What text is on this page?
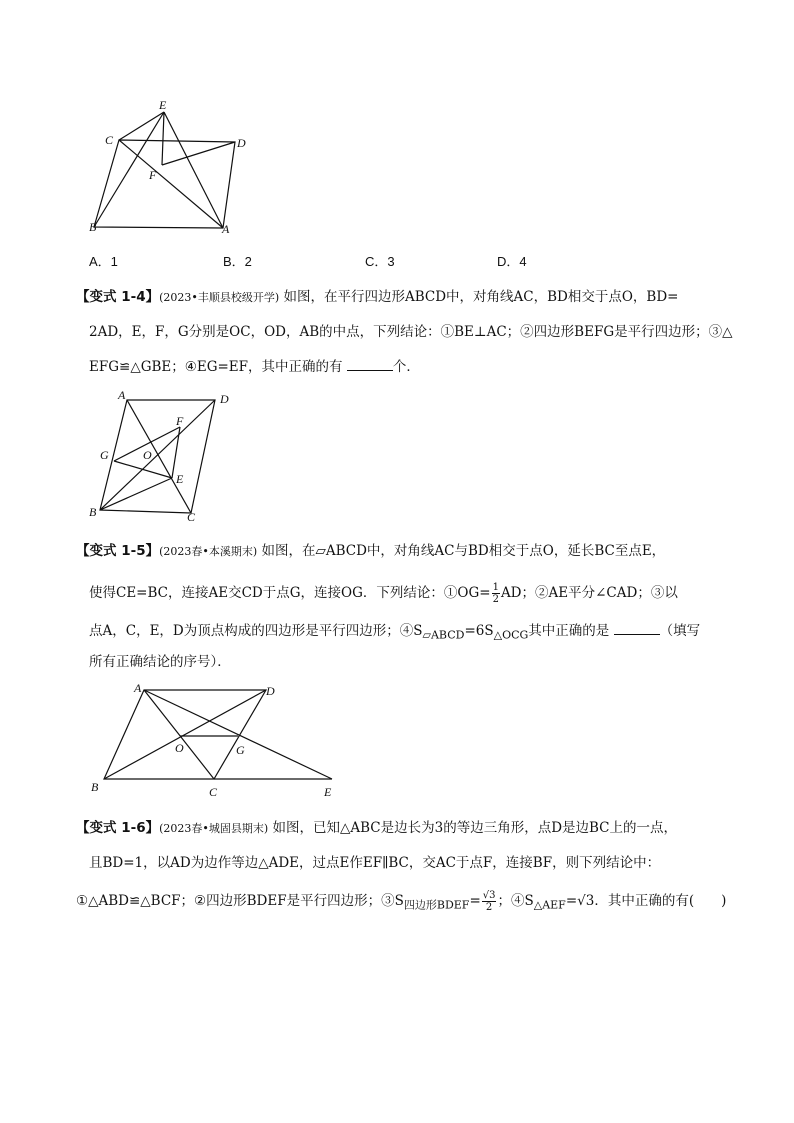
E
C	D
F
B	A
A．1	B．2	C．3	D．4
【变式 1-4】(2023•丰顺县校级开学) 如图，在平行四边形ABCD中，对角线AC，BD相交于点O，BD=
2AD，E，F，G分别是OC，OD，AB的中点，下列结论：①BE⊥AC；②四边形BEFG是平行四边形；③△
EFG≌△GBE；④EG=EF，其中正确的有	个．
A	D
F
G	O
E
B	C
【变式 1-5】(2023春•本溪期末) 如图，在▱ABCD中，对角线AC与BD相交于点O，延长BC至点E，
使得CE=BC，连接AE交CD于点G，连接OG．下列结论：①OG= $\frac{1}{2}$ AD；②AE平分∠CAD；③以
点A，C，E，D为顶点构成的四边形是平行四边形；$④S_{▱ABCD}=6S_{\triangle OCG}$其中正确的是	（填写
所有正确结论的序号）．
A	D
O	G
B	C	E
【变式 1-6】(2023春•城固县期末) 如图，已知△ABC是边长为3的等边三角形，点D是边BC上的一点，
且BD=1，以AD为边作等边△ADE，过点E作EF∥BC，交AC于点F，连接BF，则下列结论中：
①△ABD≌△BCF；②四边形BDEF是平行四边形；$③S_{四边形BDEF}= \frac{√3}{2}$ ；$④S_{\triangle AEF}=√3$．其中正确的有(　　)
